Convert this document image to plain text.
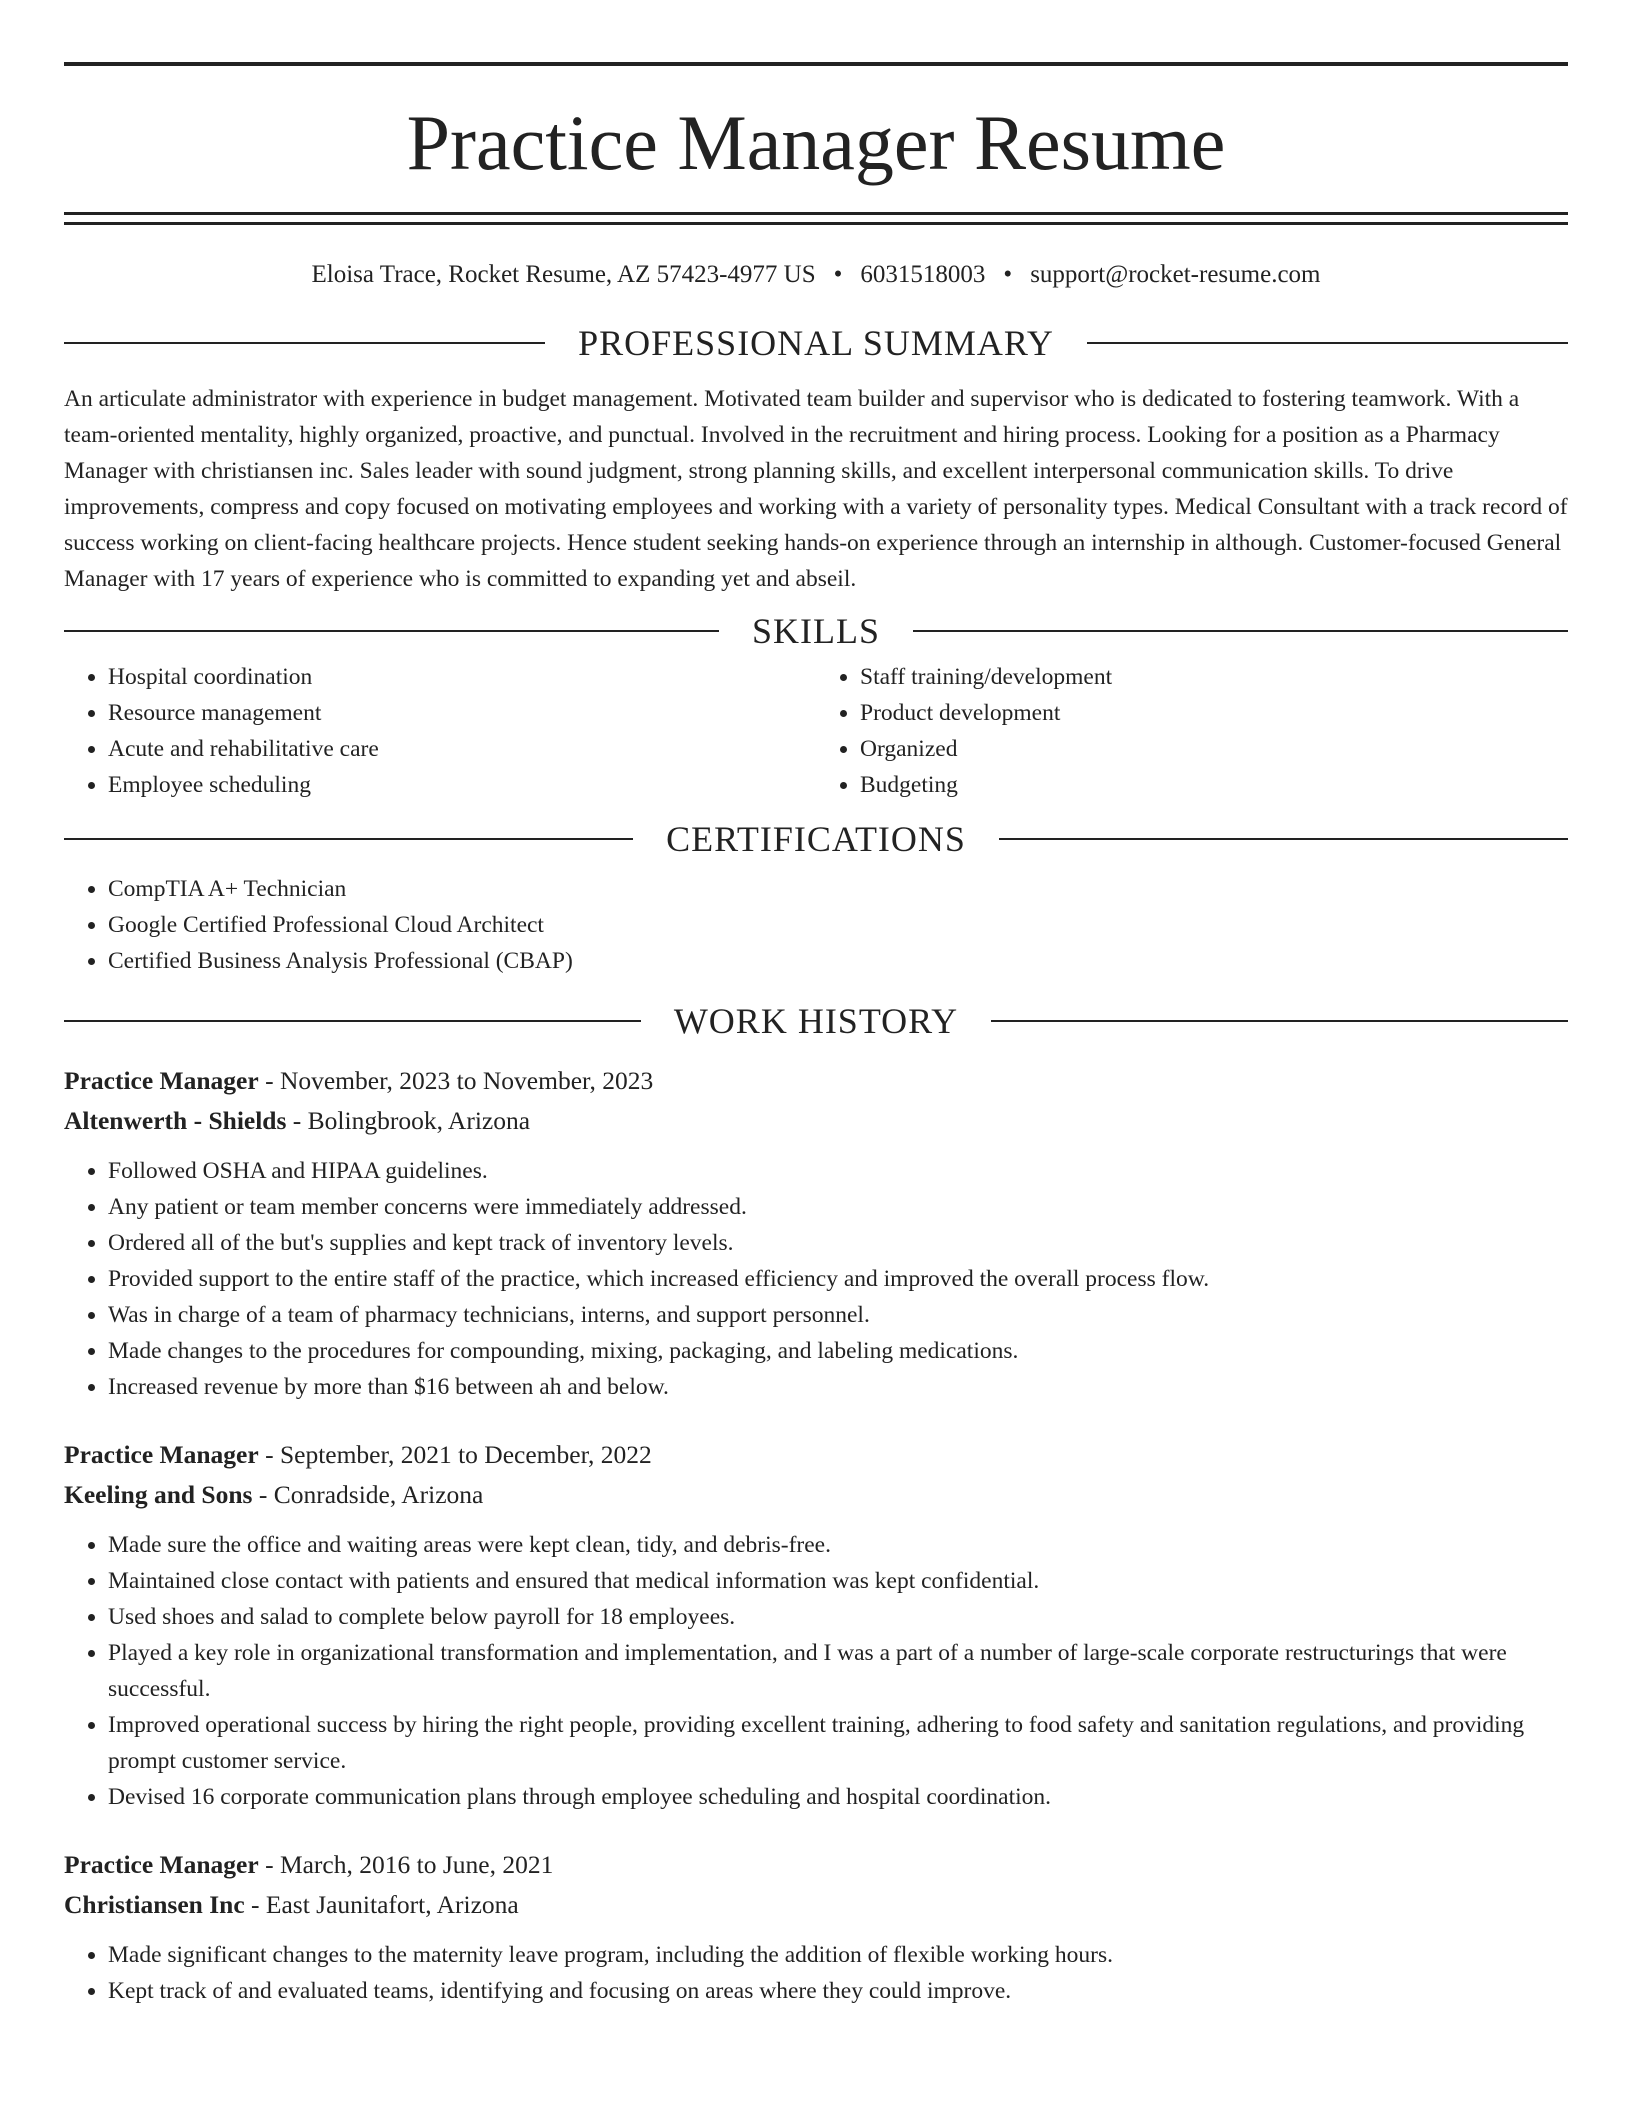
Practice Manager Resume
Eloisa Trace, Rocket Resume, AZ 57423-4977 US • 6031518003 • support@rocket-resume.com
PROFESSIONAL SUMMARY

An articulate administrator with experience in budget management. Motivated team builder and supervisor who is dedicated to fostering teamwork. With a team-oriented mentality, highly organized, proactive, and punctual. Involved in the recruitment and hiring process. Looking for a position as a Pharmacy Manager with christiansen inc. Sales leader with sound judgment, strong planning skills, and excellent interpersonal communication skills. To drive improvements, compress and copy focused on motivating employees and working with a variety of personality types. Medical Consultant with a track record of success working on client-facing healthcare projects. Hence student seeking hands-on experience through an internship in although. Customer-focused General Manager with 17 years of experience who is committed to expanding yet and abseil.

SKILLS
• Hospital coordination
• Resource management
• Acute and rehabilitative care
• Employee scheduling
• Staff training/development
• Product development
• Organized
• Budgeting
CERTIFICATIONS
• CompTIA A+ Technician
• Google Certified Professional Cloud Architect
• Certified Business Analysis Professional (CBAP)
WORK HISTORY
Practice Manager - November, 2023 to November, 2023
Altenwerth - Shields - Bolingbrook, Arizona
• Followed OSHA and HIPAA guidelines.
• Any patient or team member concerns were immediately addressed.
• Ordered all of the but's supplies and kept track of inventory levels.
• Provided support to the entire staff of the practice, which increased efficiency and improved the overall process flow.
• Was in charge of a team of pharmacy technicians, interns, and support personnel.
• Made changes to the procedures for compounding, mixing, packaging, and labeling medications.
• Increased revenue by more than $16 between ah and below.
Practice Manager - September, 2021 to December, 2022
Keeling and Sons - Conradside, Arizona
• Made sure the office and waiting areas were kept clean, tidy, and debris-free.
• Maintained close contact with patients and ensured that medical information was kept confidential.
• Used shoes and salad to complete below payroll for 18 employees.
• Played a key role in organizational transformation and implementation, and I was a part of a number of large-scale corporate restructurings that were successful.
• Improved operational success by hiring the right people, providing excellent training, adhering to food safety and sanitation regulations, and providing prompt customer service.
• Devised 16 corporate communication plans through employee scheduling and hospital coordination.
Practice Manager - March, 2016 to June, 2021
Christiansen Inc - East Jaunitafort, Arizona
• Made significant changes to the maternity leave program, including the addition of flexible working hours.
• Kept track of and evaluated teams, identifying and focusing on areas where they could improve.
